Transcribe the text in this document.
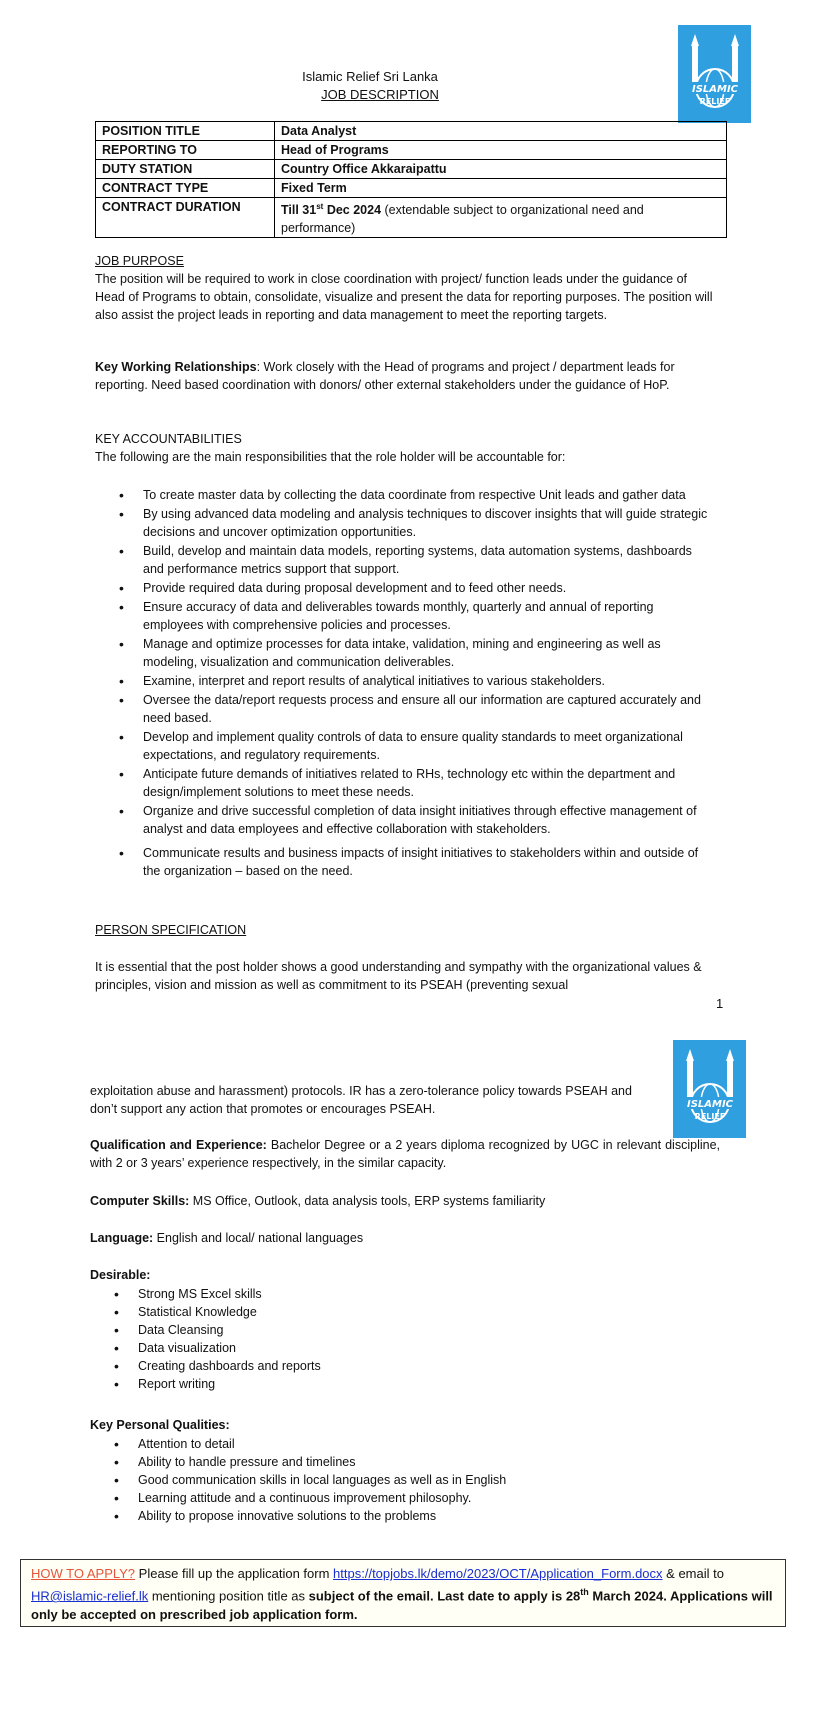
ISLAMIC
RELIEF
Islamic Relief Sri Lanka
JOB DESCRIPTION
POSITION TITLE	Data Analyst
REPORTING TO	Head of Programs
DUTY STATION	Country Office Akkaraipattu
CONTRACT TYPE	Fixed Term
CONTRACT DURATION	Till 31st Dec 2024 (extendable subject to organizational need and performance)
JOB PURPOSE

The position will be required to work in close coordination with project/ function leads under the guidance of Head of Programs to obtain, consolidate, visualize and present the data for reporting purposes. The position will also assist the project leads in reporting and data management to meet the reporting targets.

Key Working Relationships: Work closely with the Head of programs and project / department leads for reporting. Need based coordination with donors/ other external stakeholders under the guidance of HoP.

KEY ACCOUNTABILITIES
The following are the main responsibilities that the role holder will be accountable for:
• To create master data by collecting the data coordinate from respective Unit leads and gather data
• By using advanced data modeling and analysis techniques to discover insights that will guide strategic decisions and uncover optimization opportunities.
• Build, develop and maintain data models, reporting systems, data automation systems, dashboards and performance metrics support that support.
• Provide required data during proposal development and to feed other needs.
• Ensure accuracy of data and deliverables towards monthly, quarterly and annual of reporting employees with comprehensive policies and processes.
• Manage and optimize processes for data intake, validation, mining and engineering as well as modeling, visualization and communication deliverables.
• Examine, interpret and report results of analytical initiatives to various stakeholders.
• Oversee the data/report requests process and ensure all our information are captured accurately and need based.
• Develop and implement quality controls of data to ensure quality standards to meet organizational expectations, and regulatory requirements.
• Anticipate future demands of initiatives related to RHs, technology etc within the department and design/implement solutions to meet these needs.
• Organize and drive successful completion of data insight initiatives through effective management of analyst and data employees and effective collaboration with stakeholders.
• Communicate results and business impacts of insight initiatives to stakeholders within and outside of the organization – based on the need.
PERSON SPECIFICATION
It is essential that the post holder shows a good understanding and sympathy with the organizational values & principles, vision and mission as well as commitment to its PSEAH (preventing sexual
1
ISLAMIC
RELIEF
exploitation abuse and harassment) protocols. IR has a zero-tolerance policy towards PSEAH and don’t support any action that promotes or encourages PSEAH.

Qualification and Experience: Bachelor Degree or a 2 years diploma recognized by UGC in relevant discipline, with 2 or 3 years’ experience respectively, in the similar capacity.

Computer Skills: MS Office, Outlook, data analysis tools, ERP systems familiarity
Language: English and local/ national languages
Desirable:
• Strong MS Excel skills
• Statistical Knowledge
• Data Cleansing
• Data visualization
• Creating dashboards and reports
• Report writing
Key Personal Qualities:
• Attention to detail
• Ability to handle pressure and timelines
• Good communication skills in local languages as well as in English
• Learning attitude and a continuous improvement philosophy.
• Ability to propose innovative solutions to the problems
HOW TO APPLY? Please fill up the application form https://topjobs.lk/demo/2023/OCT/Application_Form.docx & email to HR@islamic-relief.lk mentioning position title as subject of the email. Last date to apply is 28th March 2024. Applications will only be accepted on prescribed job application form.
